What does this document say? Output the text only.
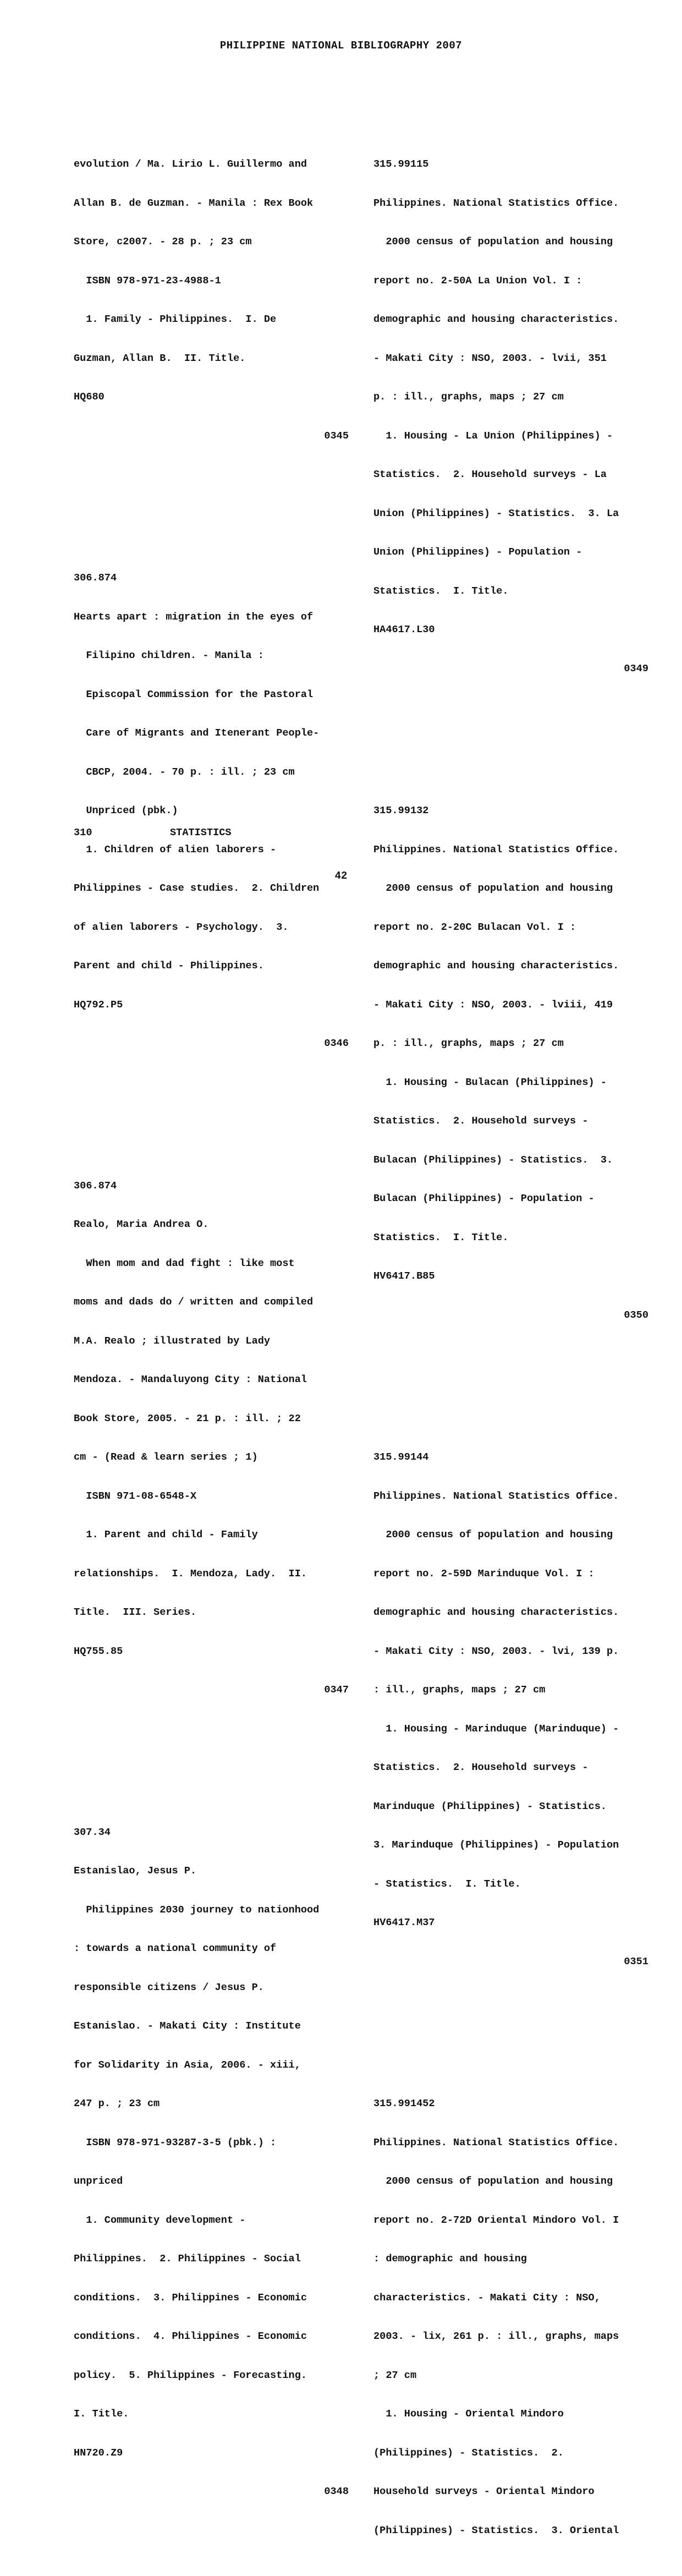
PHILIPPINE NATIONAL BIBLIOGRAPHY 2007

evolution / Ma. Lirio L. Guillermo and

Allan B. de Guzman. - Manila : Rex Book

Store, c2007. - 28 p. ; 23 cm

ISBN 978-971-23-4988-1

1. Family - Philippines.  I. De

Guzman, Allan B.  II. Title.

HQ680

0345

306.874

Hearts apart : migration in the eyes of

Filipino children. - Manila :

Episcopal Commission for the Pastoral

Care of Migrants and Itenerant People-

CBCP, 2004. - 70 p. : ill. ; 23 cm

Unpriced (pbk.)

1. Children of alien laborers -

Philippines - Case studies.  2. Children

of alien laborers - Psychology.  3.

Parent and child - Philippines.

HQ792.P5

0346

306.874

Realo, Maria Andrea O.

When mom and dad fight : like most

moms and dads do / written and compiled

M.A. Realo ; illustrated by Lady

Mendoza. - Mandaluyong City : National

Book Store, 2005. - 21 p. : ill. ; 22

cm - (Read & learn series ; 1)

ISBN 971-08-6548-X

1. Parent and child - Family

relationships.  I. Mendoza, Lady.  II.

Title.  III. Series.

HQ755.85

0347

307.34

Estanislao, Jesus P.

Philippines 2030 journey to nationhood

: towards a national community of

responsible citizens / Jesus P.

Estanislao. - Makati City : Institute

for Solidarity in Asia, 2006. - xiii,

247 p. ; 23 cm

ISBN 978-971-93287-3-5 (pbk.) :

unpriced

1. Community development -

Philippines.  2. Philippines - Social

conditions.  3. Philippines - Economic

conditions.  4. Philippines - Economic

policy.  5. Philippines - Forecasting.

I. Title.

HN720.Z9

0348

315.99115

Philippines. National Statistics Office.

2000 census of population and housing

report no. 2-50A La Union Vol. I :

demographic and housing characteristics.

- Makati City : NSO, 2003. - lvii, 351

p. : ill., graphs, maps ; 27 cm

1. Housing - La Union (Philippines) -

Statistics.  2. Household surveys - La

Union (Philippines) - Statistics.  3. La

Union (Philippines) - Population -

Statistics.  I. Title.

HA4617.L30

0349

315.99132

Philippines. National Statistics Office.

2000 census of population and housing

report no. 2-20C Bulacan Vol. I :

demographic and housing characteristics.

- Makati City : NSO, 2003. - lviii, 419

p. : ill., graphs, maps ; 27 cm

1. Housing - Bulacan (Philippines) -

Statistics.  2. Household surveys -

Bulacan (Philippines) - Statistics.  3.

Bulacan (Philippines) - Population -

Statistics.  I. Title.

HV6417.B85

0350

315.99144

Philippines. National Statistics Office.

2000 census of population and housing

report no. 2-59D Marinduque Vol. I :

demographic and housing characteristics.

- Makati City : NSO, 2003. - lvi, 139 p.

: ill., graphs, maps ; 27 cm

1. Housing - Marinduque (Marinduque) -

Statistics.  2. Household surveys -

Marinduque (Philippines) - Statistics.

3. Marinduque (Philippines) - Population

- Statistics.  I. Title.

HV6417.M37

0351

315.991452

Philippines. National Statistics Office.

2000 census of population and housing

report no. 2-72D Oriental Mindoro Vol. I

: demographic and housing

characteristics. - Makati City : NSO,

2003. - lix, 261 p. : ill., graphs, maps

; 27 cm

1. Housing - Oriental Mindoro

(Philippines) - Statistics.  2.

Household surveys - Oriental Mindoro

(Philippines) - Statistics.  3. Oriental

310	STATISTICS
42
